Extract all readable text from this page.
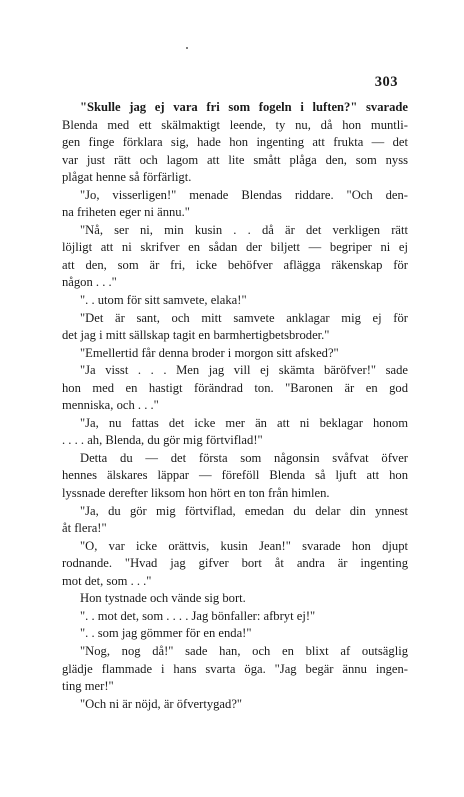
303
"Skulle jag ej vara fri som fogeln i luften?" svarade
Blenda med ett skälmaktigt leende, ty nu, då hon muntli-
gen finge förklara sig, hade hon ingenting att frukta — det
var just rätt och lagom att lite smått plåga den, som nyss
plågat henne så förfärligt.
"Jo, visserligen!" menade Blendas riddare. "Och den-
na friheten eger ni ännu."
"Nå, ser ni, min kusin . . då är det verkligen rätt
löjligt att ni skrifver en sådan der biljett — begriper ni ej
att den, som är fri, icke behöfver aflägga räkenskap för
någon . . ."
". . utom för sitt samvete, elaka!"
"Det är sant, och mitt samvete anklagar mig ej för
det jag i mitt sällskap tagit en barmhertigbetsbroder."
"Emellertid får denna broder i morgon sitt afsked?"
"Ja visst . . . Men jag vill ej skämta bäröfver!" sade
hon med en hastigt förändrad ton. "Baronen är en god
menniska, och . . ."
"Ja, nu fattas det icke mer än att ni beklagar honom
. . . . ah, Blenda, du gör mig förtviflad!"
Detta du — det första som någonsin svåfvat öfver
hennes älskares läppar — föreföll Blenda så ljuft att hon
lyssnade derefter liksom hon hört en ton från himlen.
"Ja, du gör mig förtviflad, emedan du delar din ynnest
åt flera!"
"O, var icke orättvis, kusin Jean!" svarade hon djupt
rodnande. "Hvad jag gifver bort åt andra är ingenting
mot det, som . . ."
Hon tystnade och vände sig bort.
". . mot det, som . . . . Jag bönfaller: afbryt ej!"
". . som jag gömmer för en enda!"
"Nog, nog då!" sade han, och en blixt af outsäglig
glädje flammade i hans svarta öga. "Jag begär ännu ingen-
ting mer!"
"Och ni är nöjd, är öfvertygad?"
